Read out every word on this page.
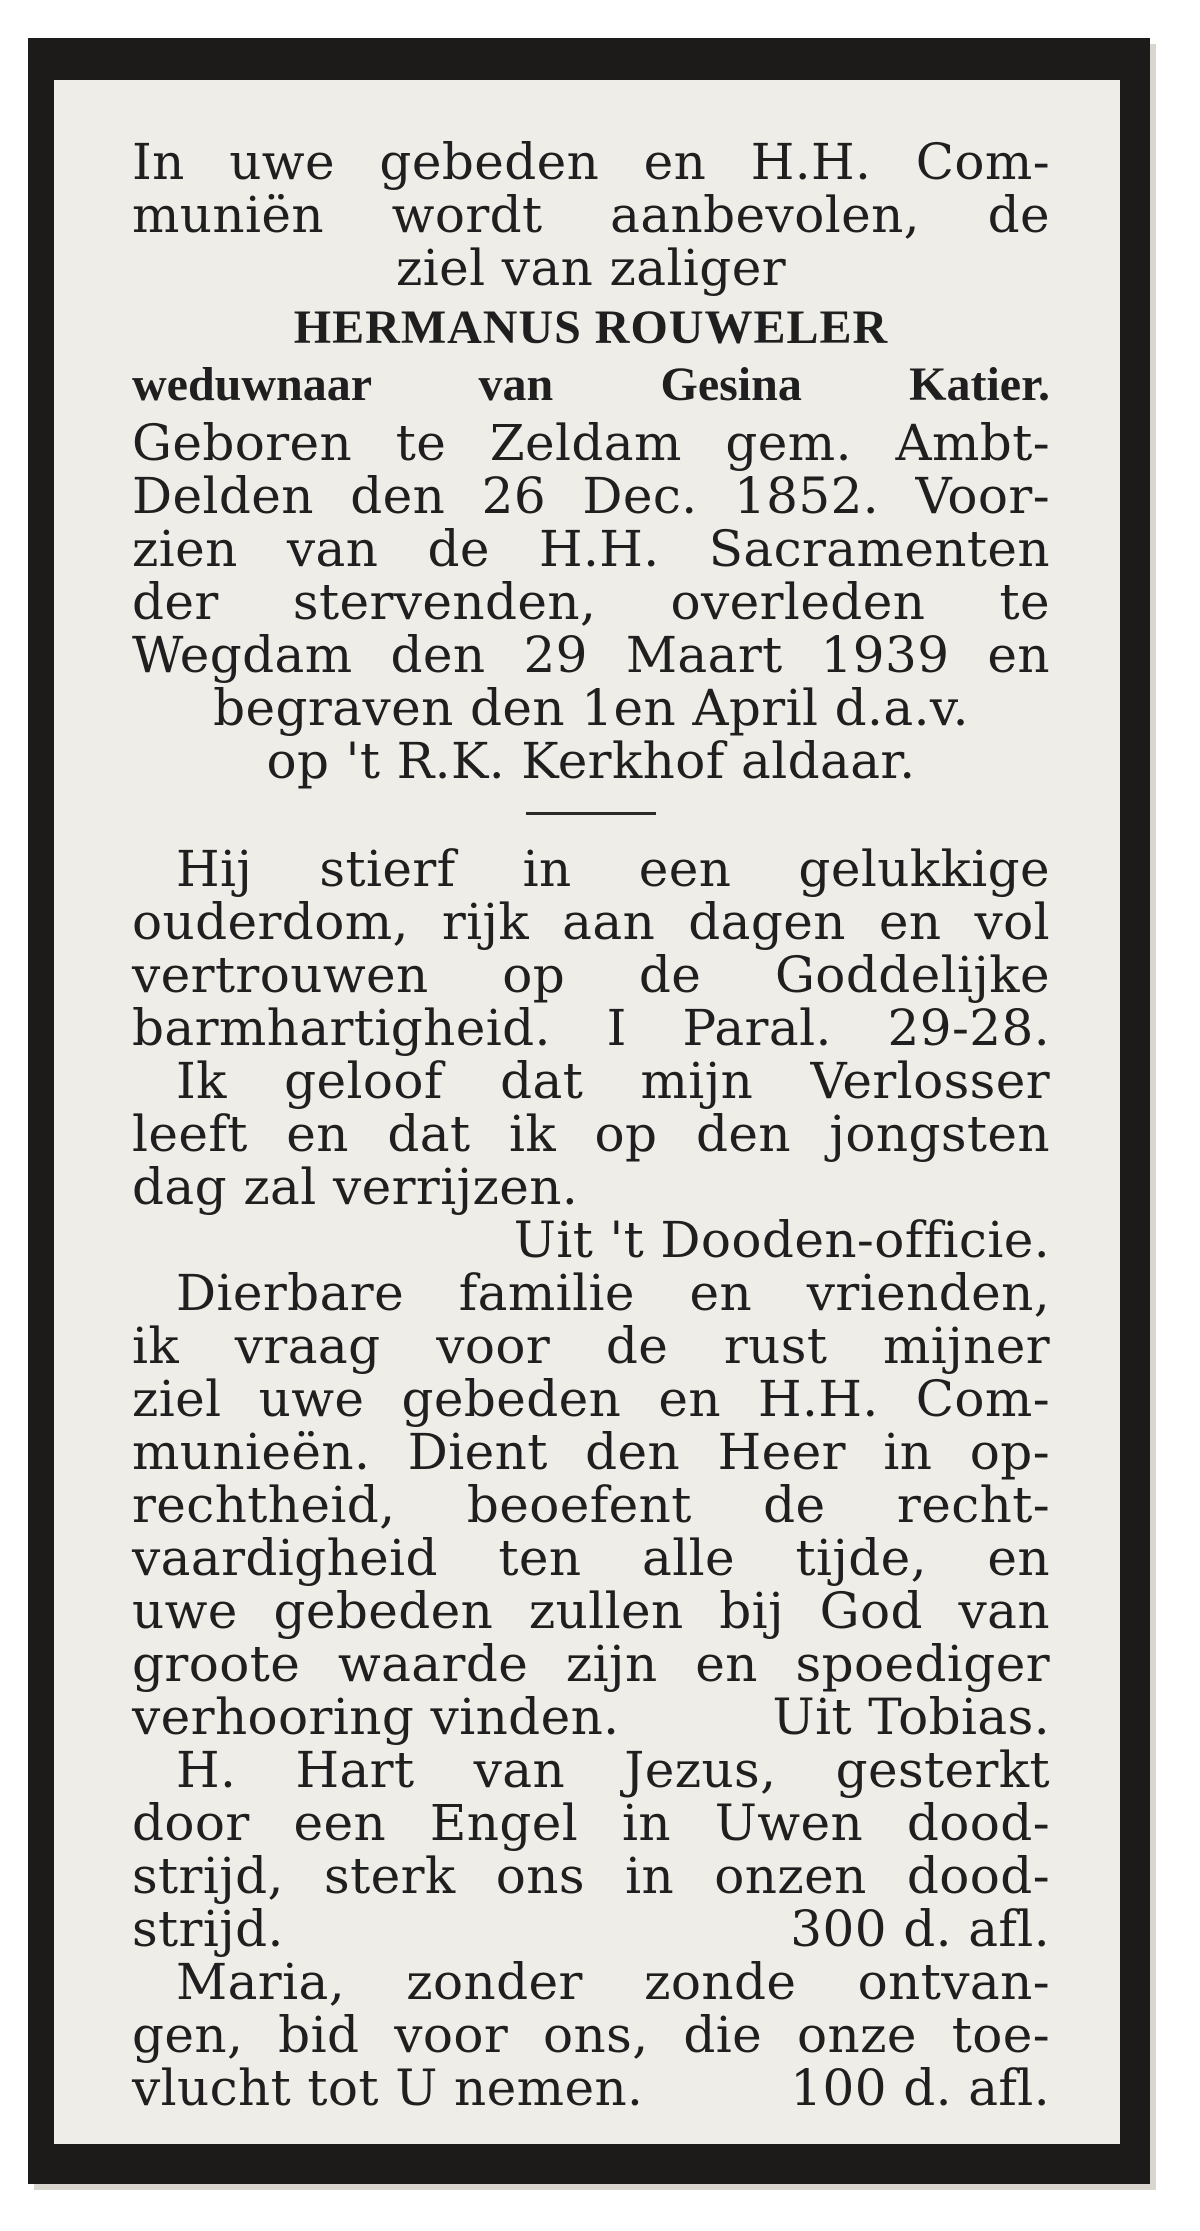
In uwe gebeden en H.H. Com-
muniën wordt aanbevolen, de
ziel van zaliger
HERMANUS ROUWELER
weduwnaar van Gesina Katier.
Geboren te Zeldam gem. Ambt-
Delden den 26 Dec. 1852. Voor-
zien van de H.H. Sacramenten
der stervenden, overleden te
Wegdam den 29 Maart 1939 en
begraven den 1en April d.a.v.
op 't R.K. Kerkhof aldaar.
Hij stierf in een gelukkige
ouderdom, rijk aan dagen en vol
vertrouwen op de Goddelijke
barmhartigheid. I Paral. 29-28.
Ik geloof dat mijn Verlosser
leeft en dat ik op den jongsten
dag zal verrijzen.
Uit 't Dooden-officie.
Dierbare familie en vrienden,
ik vraag voor de rust mijner
ziel uwe gebeden en H.H. Com-
munieën. Dient den Heer in op-
rechtheid, beoefent de recht-
vaardigheid ten alle tijde, en
uwe gebeden zullen bij God van
groote waarde zijn en spoediger
verhooring vinden.	Uit Tobias.
H. Hart van Jezus, gesterkt
door een Engel in Uwen dood-
strijd, sterk ons in onzen dood-
strijd.	300 d. afl.
Maria, zonder zonde ontvan-
gen, bid voor ons, die onze toe-
vlucht tot U nemen.	100 d. afl.
